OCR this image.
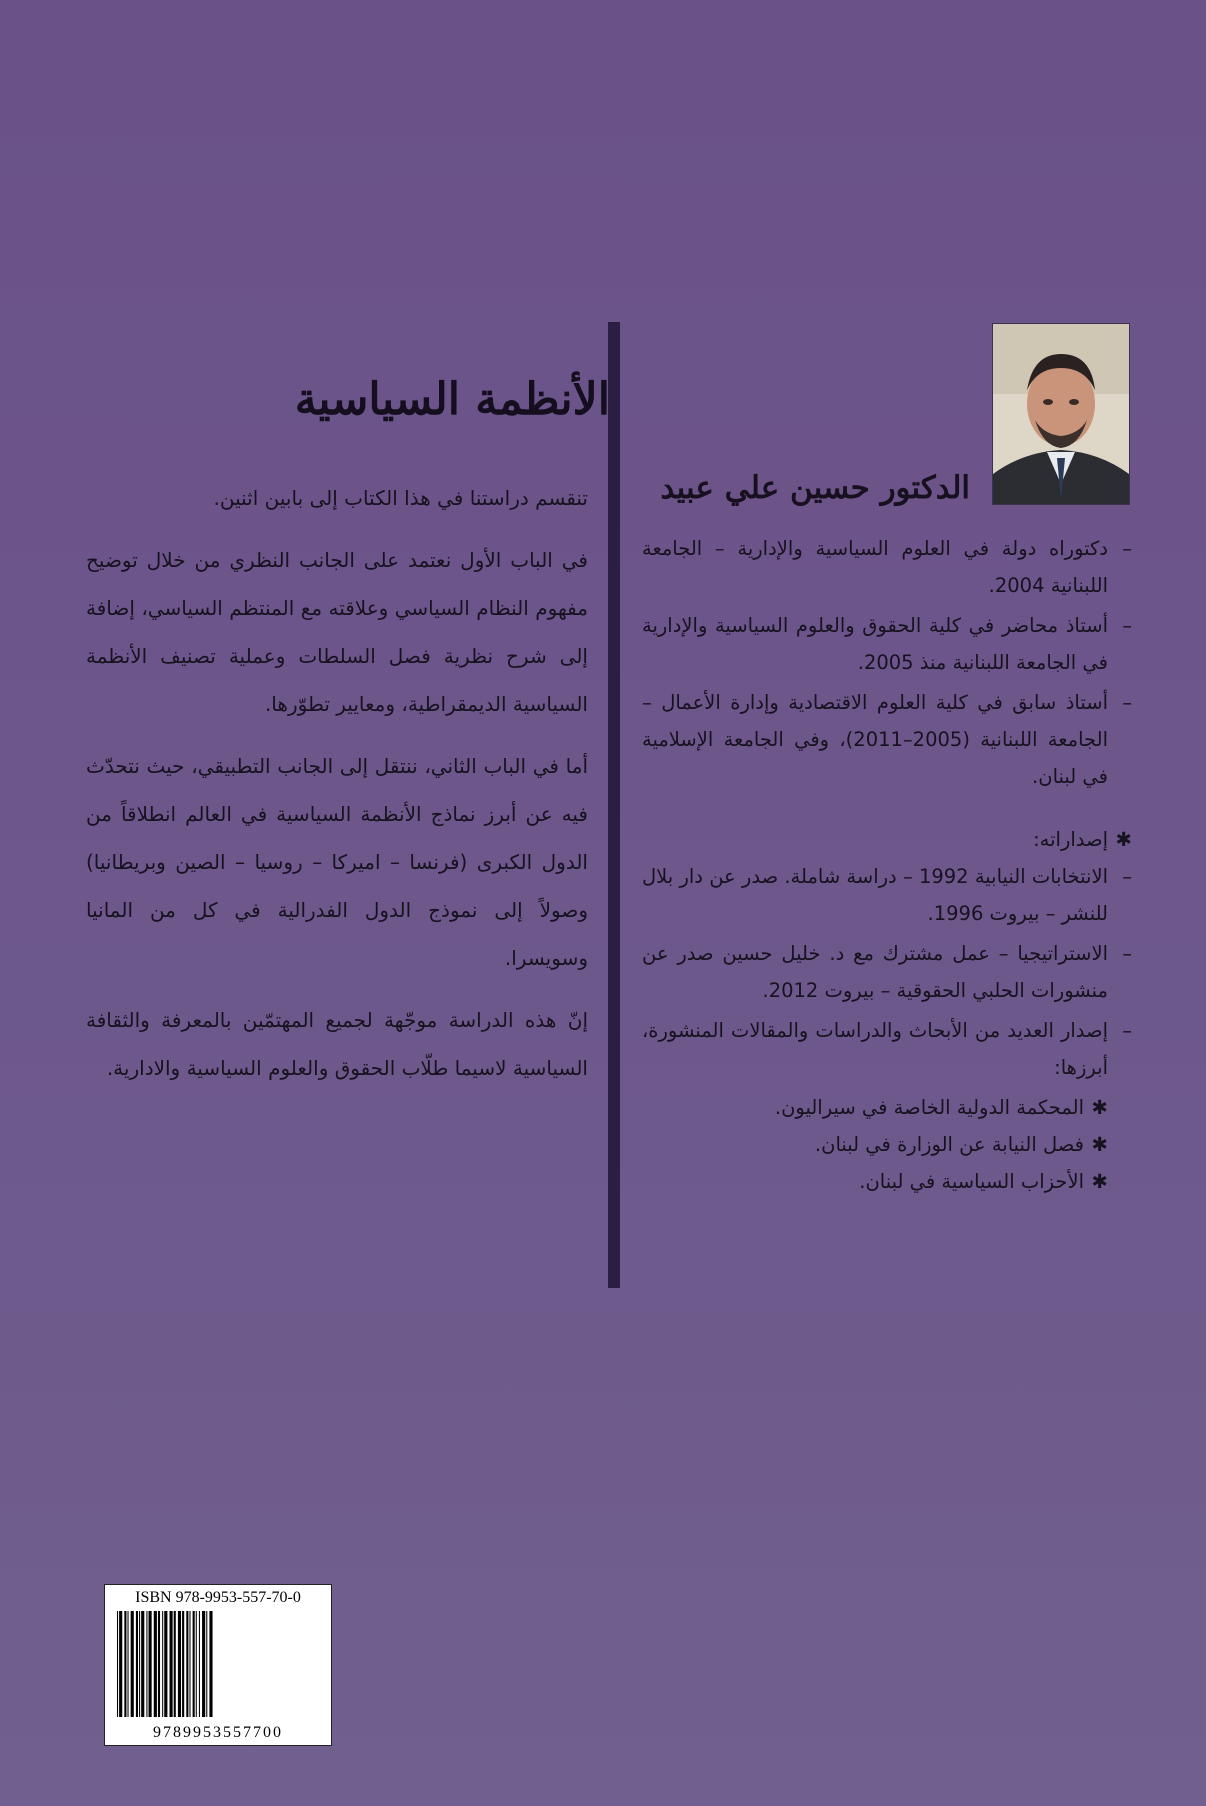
الدكتور حسين علي عبيد
–
دكتوراه دولة في العلوم السياسية والإدارية – الجامعة اللبنانية 2004.
–
أستاذ محاضر في كلية الحقوق والعلوم السياسية والإدارية في الجامعة اللبنانية منذ 2005.
–
أستاذ سابق في كلية العلوم الاقتصادية وإدارة الأعمال – الجامعة اللبنانية (2005–2011)، وفي الجامعة الإسلامية في لبنان.
✱
إصداراته:
–
الانتخابات النيابية 1992 – دراسة شاملة. صدر عن دار بلال للنشر – بيروت 1996.
–
الاستراتيجيا – عمل مشترك مع د. خليل حسين صدر عن منشورات الحلبي الحقوقية – بيروت 2012.
–
إصدار العديد من الأبحاث والدراسات والمقالات المنشورة، أبرزها:
✱
المحكمة الدولية الخاصة في سيراليون.
✱
فصل النيابة عن الوزارة في لبنان.
✱
الأحزاب السياسية في لبنان.
الأنظمة السياسية

تنقسم دراستنا في هذا الكتاب إلى بابين اثنين.

في الباب الأول نعتمد على الجانب النظري من خلال توضيح مفهوم النظام السياسي وعلاقته مع المنتظم السياسي، إضافة إلى شرح نظرية فصل السلطات وعملية تصنيف الأنظمة السياسية الديمقراطية، ومعايير تطوّرها.

أما في الباب الثاني، ننتقل إلى الجانب التطبيقي، حيث نتحدّث فيه عن أبرز نماذج الأنظمة السياسية في العالم انطلاقاً من الدول الكبرى (فرنسا – اميركا – روسيا – الصين وبريطانيا) وصولاً إلى نموذج الدول الفدرالية في كل من المانيا وسويسرا.

إنّ هذه الدراسة موجّهة لجميع المهتمّين بالمعرفة والثقافة السياسية لاسيما طلّاب الحقوق والعلوم السياسية والادارية.

ISBN 978-9953-557-70-0
9789953557700
